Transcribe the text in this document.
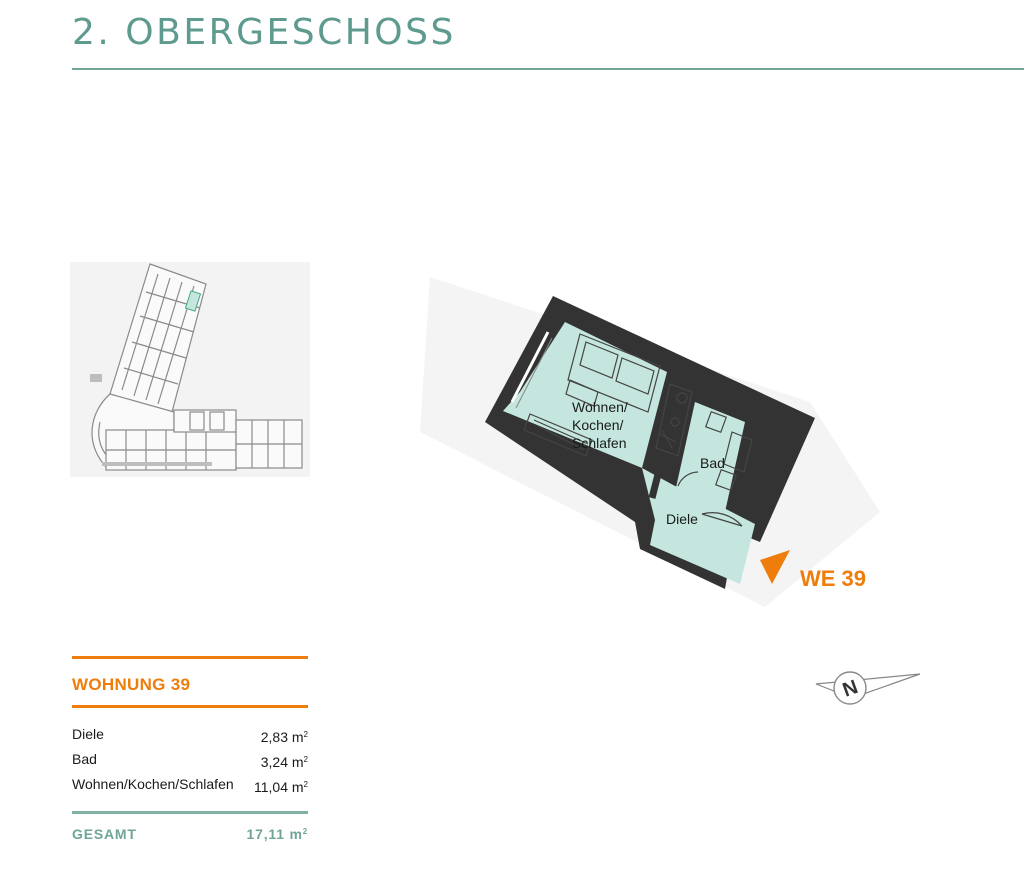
2. OBERGESCHOSS
Wohnen/
Kochen/
Schlafen
Bad
Diele
WE 39
N
WOHNUNG 39
Diele	2,83 $m^2$
Bad	3,24 $m^2$
Wohnen/Kochen/Schlafen 11,04 $m^2$
GESAMT	17,11 $m^2$
